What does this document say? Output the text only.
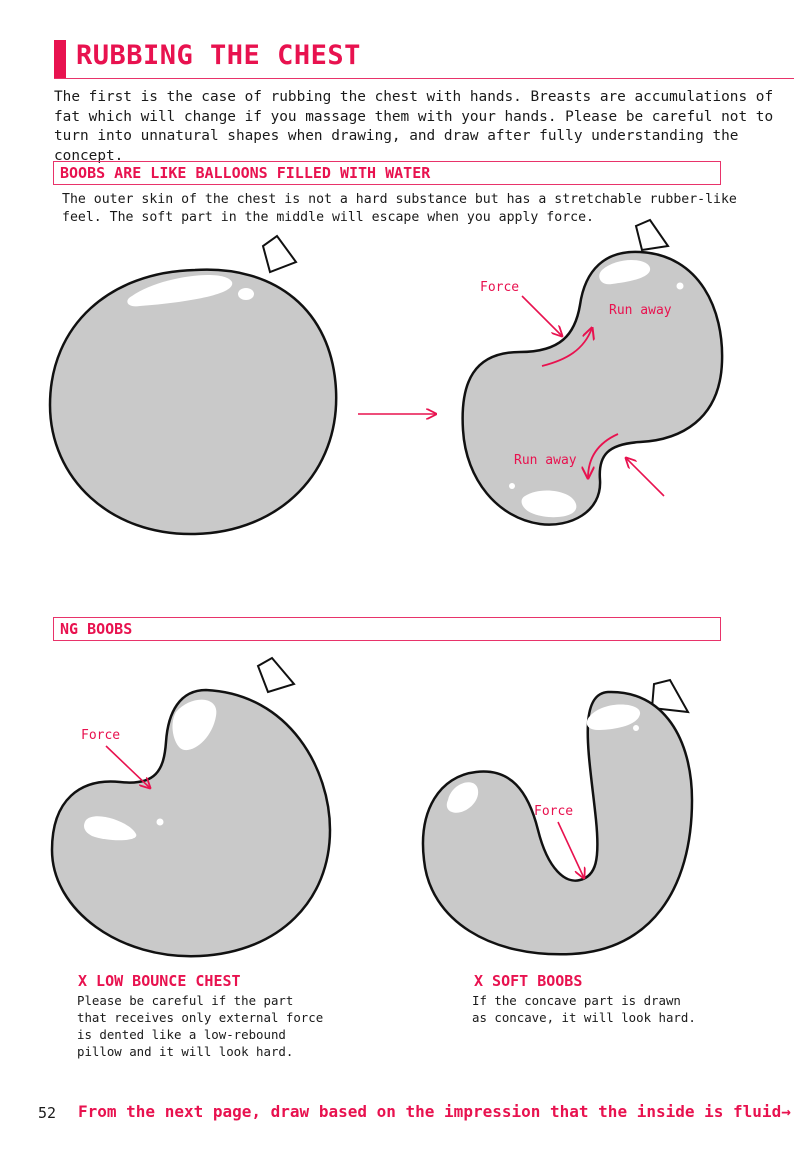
RUBBING THE CHEST

The first is the case of rubbing the chest with hands. Breasts are accumulations of fat which will change if you massage them with your hands. Please be careful not to turn into unnatural shapes when drawing, and draw after fully understanding the concept.

BOOBS ARE LIKE BALLOONS FILLED WITH WATER

The outer skin of the chest is not a hard substance but has a stretchable rubber-like feel. The soft part in the middle will escape when you apply force.

Force
Run away
Run away
NG BOOBS
Force
Force
X LOW BOUNCE CHEST

Please be careful if the part that receives only external force is dented like a low-rebound pillow and it will look hard.

X SOFT BOOBS

If the concave part is drawn as concave, it will look hard.

52 From the next page, draw based on the impression that the inside is fluid→
